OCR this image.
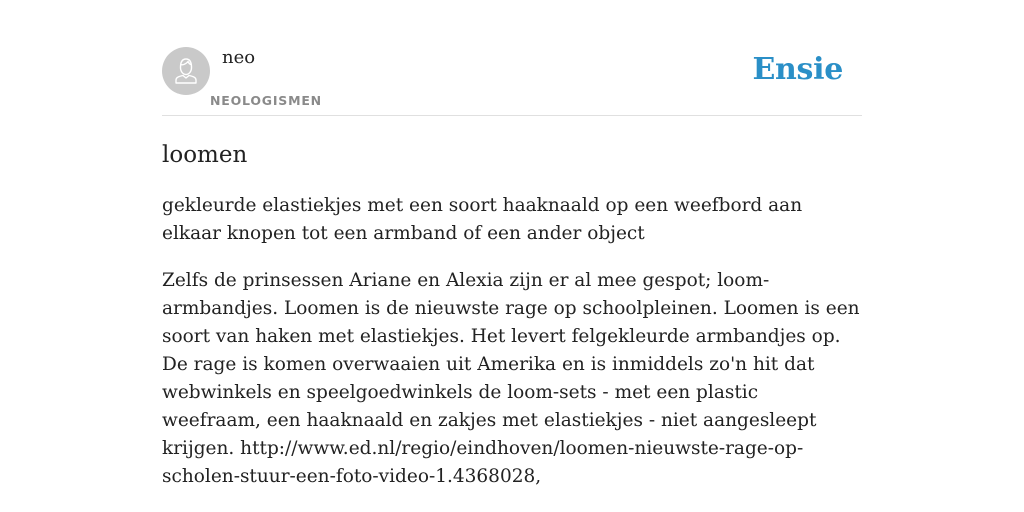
neo
NEOLOGISMEN
Ensie
loomen

gekleurde elastiekjes met een soort haaknaald op een weefbord aan elkaar knopen tot een armband of een ander object

Zelfs de prinsessen Ariane en Alexia zijn er al mee gespot; loom-armbandjes. Loomen is de nieuwste rage op schoolpleinen. Loomen is een soort van haken met elastiekjes. Het levert felgekleurde armbandjes op. De rage is komen overwaaien uit Amerika en is inmiddels zo'n hit dat webwinkels en speelgoedwinkels de loom-sets - met een plastic weefraam, een haaknaald en zakjes met elastiekjes - niet aangesleept krijgen. http://www.ed.nl/regio/eindhoven/loomen-nieuwste-rage-op-scholen-stuur-een-foto-video-1.4368028,
